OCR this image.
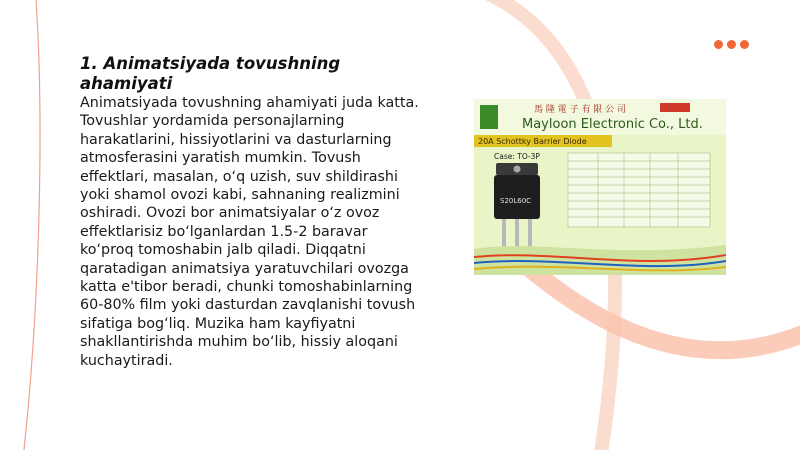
1. Animatsiyada tovushning ahamiyati

Animatsiyada tovushning ahamiyati juda katta. Tovushlar yordamida personajlarning harakatlarini, hissiyotlarini va dasturlarning atmosferasini yaratish mumkin. Tovush effektlari, masalan, o‘q uzish, suv shildirashi yoki shamol ovozi kabi, sahnaning realizmini oshiradi. Ovozi bor animatsiyalar o‘z ovoz effektlarisiz bo‘lganlardan 1.5-2 baravar ko‘proq tomoshabin jalb qiladi. Diqqatni qaratadigan animatsiya yaratuvchilari ovozga katta e'tibor beradi, chunki tomoshabinlarning 60-80% film yoki dasturdan zavqlanishi tovush sifatiga bog‘liq. Muzika ham kayfiyatni shakllantirishda muhim bo‘lib, hissiy aloqani kuchaytiradi.

馬 隆 電 子 有 限 公 司
Mayloon Electronic Co., Ltd.
20A Schottky Barrier Diode
Case: TO-3P
S20L60C
